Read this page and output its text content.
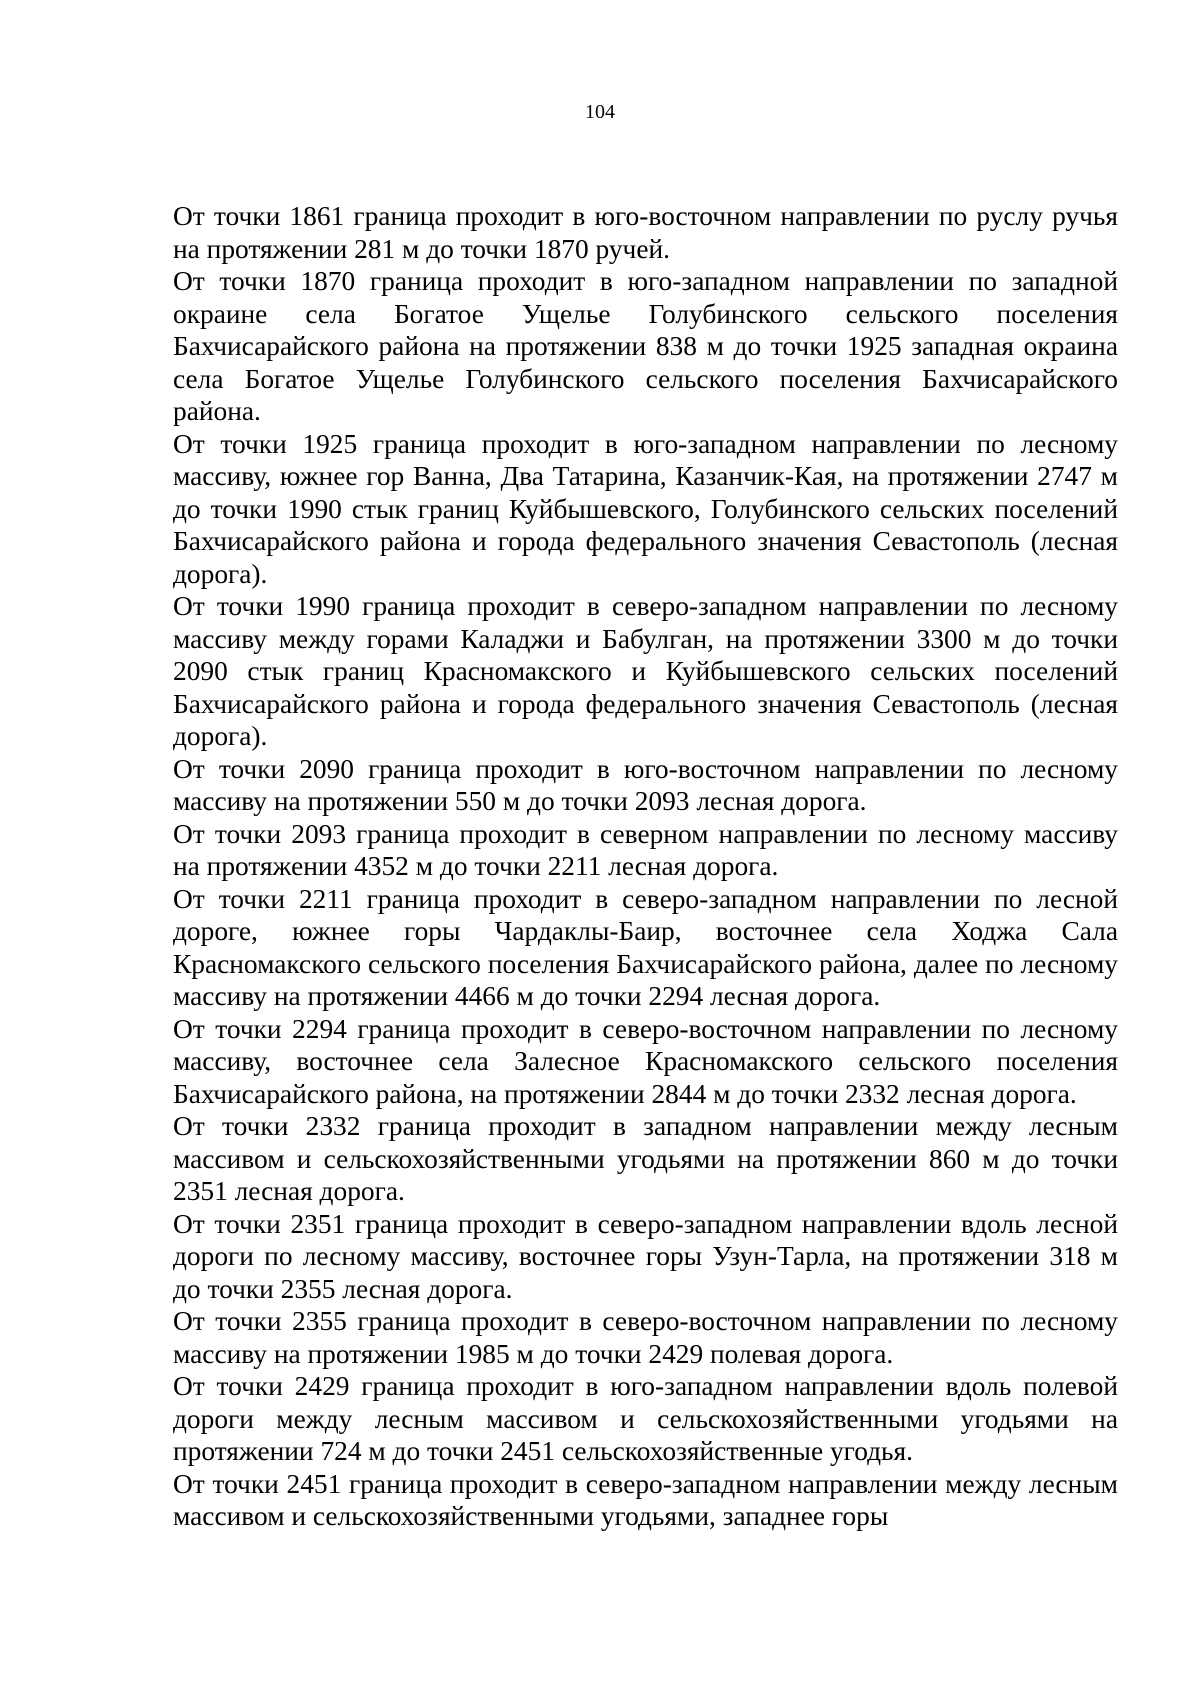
104

От точки 1861 граница проходит в юго-восточном направлении по руслу ручья на протяжении 281 м до точки 1870 ручей.

От точки 1870 граница проходит в юго-западном направлении по западной окраине села Богатое Ущелье Голубинского сельского поселения Бахчисарайского района на протяжении 838 м до точки 1925 западная окраина села Богатое Ущелье Голубинского сельского поселения Бахчисарайского района.

От точки 1925 граница проходит в юго-западном направлении по лесному массиву, южнее гор Ванна, Два Татарина, Казанчик-Кая, на протяжении 2747 м до точки 1990 стык границ Куйбышевского, Голубинского сельских поселений Бахчисарайского района и города федерального значения Севастополь (лесная дорога).

От точки 1990 граница проходит в северо-западном направлении по лесному массиву между горами Каладжи и Бабулган, на протяжении 3300 м до точки 2090 стык границ Красномакского и Куйбышевского сельских поселений Бахчисарайского района и города федерального значения Севастополь (лесная дорога).

От точки 2090 граница проходит в юго-восточном направлении по лесному массиву на протяжении 550 м до точки 2093 лесная дорога.

От точки 2093 граница проходит в северном направлении по лесному массиву на протяжении 4352 м до точки 2211 лесная дорога.

От точки 2211 граница проходит в северо-западном направлении по лесной дороге, южнее горы Чардаклы-Баир, восточнее села Ходжа Сала Красномакского сельского поселения Бахчисарайского района, далее по лесному массиву на протяжении 4466 м до точки 2294 лесная дорога.

От точки 2294 граница проходит в северо-восточном направлении по лесному массиву, восточнее села Залесное Красномакского сельского поселения Бахчисарайского района, на протяжении 2844 м до точки 2332 лесная дорога.

От точки 2332 граница проходит в западном направлении между лесным массивом и сельскохозяйственными угодьями на протяжении 860 м до точки 2351 лесная дорога.

От точки 2351 граница проходит в северо-западном направлении вдоль лесной дороги по лесному массиву, восточнее горы Узун-Тарла, на протяжении 318 м до точки 2355 лесная дорога.

От точки 2355 граница проходит в северо-восточном направлении по лесному массиву на протяжении 1985 м до точки 2429 полевая дорога.

От точки 2429 граница проходит в юго-западном направлении вдоль полевой дороги между лесным массивом и сельскохозяйственными угодьями на протяжении 724 м до точки 2451 сельскохозяйственные угодья.

От точки 2451 граница проходит в северо-западном направлении между лесным массивом и сельскохозяйственными угодьями, западнее горы
